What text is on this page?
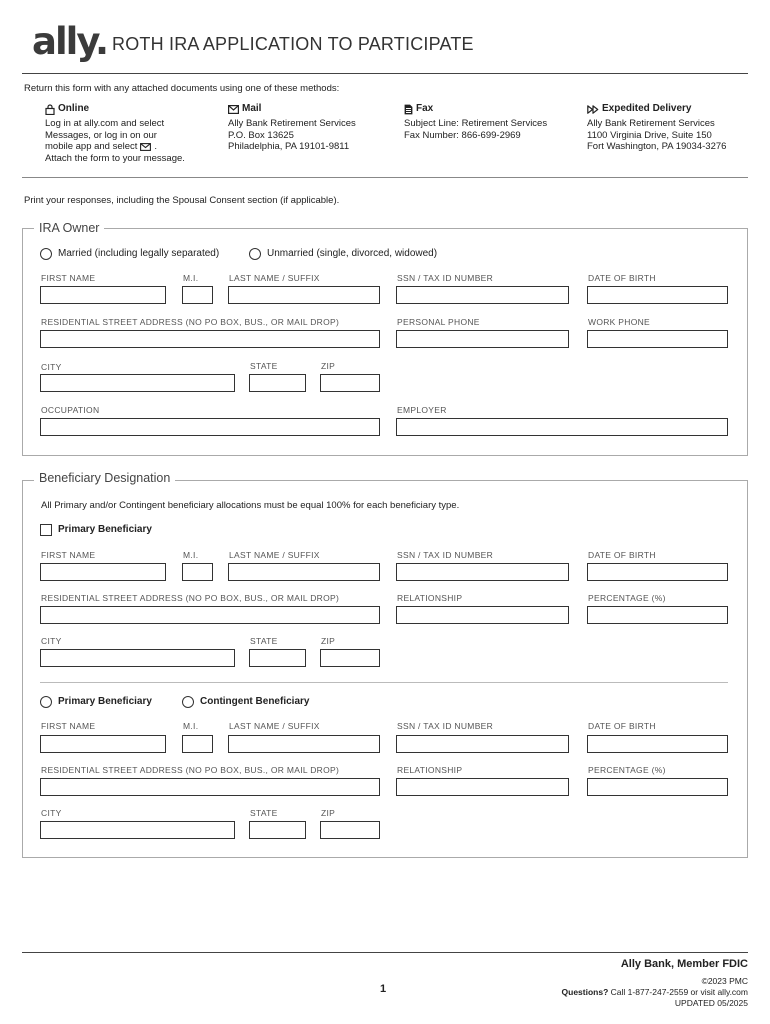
ally. ROTH IRA APPLICATION TO PARTICIPATE
Return this form with any attached documents using one of these methods:
Online
Log in at ally.com and select
Messages, or log in on our
mobile app and select .
Attach the form to your message.
Mail
Ally Bank Retirement Services
P.O. Box 13625
Philadelphia, PA 19101-9811
Fax
Subject Line: Retirement Services
Fax Number: 866-699-2969
Expedited Delivery
Ally Bank Retirement Services
1100 Virginia Drive, Suite 150
Fort Washington, PA 19034-3276
Print your responses, including the Spousal Consent section (if applicable).
IRA Owner
Married (including legally separated)	Unmarried (single, divorced, widowed)
FIRST NAME	M.I.	LAST NAME / SUFFIX	SSN / TAX ID NUMBER	DATE OF BIRTH
RESIDENTIAL STREET ADDRESS (NO PO BOX, BUS., OR MAIL DROP)	PERSONAL PHONE	WORK PHONE
CITY	STATE	ZIP
OCCUPATION	EMPLOYER
Beneficiary Designation
All Primary and/or Contingent beneficiary allocations must be equal 100% for each beneficiary type.
Primary Beneficiary
FIRST NAME	M.I.	LAST NAME / SUFFIX	SSN / TAX ID NUMBER	DATE OF BIRTH
RESIDENTIAL STREET ADDRESS (NO PO BOX, BUS., OR MAIL DROP)	RELATIONSHIP	PERCENTAGE (%)
CITY	STATE	ZIP
Primary Beneficiary	Contingent Beneficiary
FIRST NAME	M.I.	LAST NAME / SUFFIX	SSN / TAX ID NUMBER	DATE OF BIRTH
RESIDENTIAL STREET ADDRESS (NO PO BOX, BUS., OR MAIL DROP)	RELATIONSHIP	PERCENTAGE (%)
CITY	STATE	ZIP
Ally Bank, Member FDIC
1
©2023 PMC
Questions? Call 1-877-247-2559 or visit ally.com
UPDATED 05/2025
